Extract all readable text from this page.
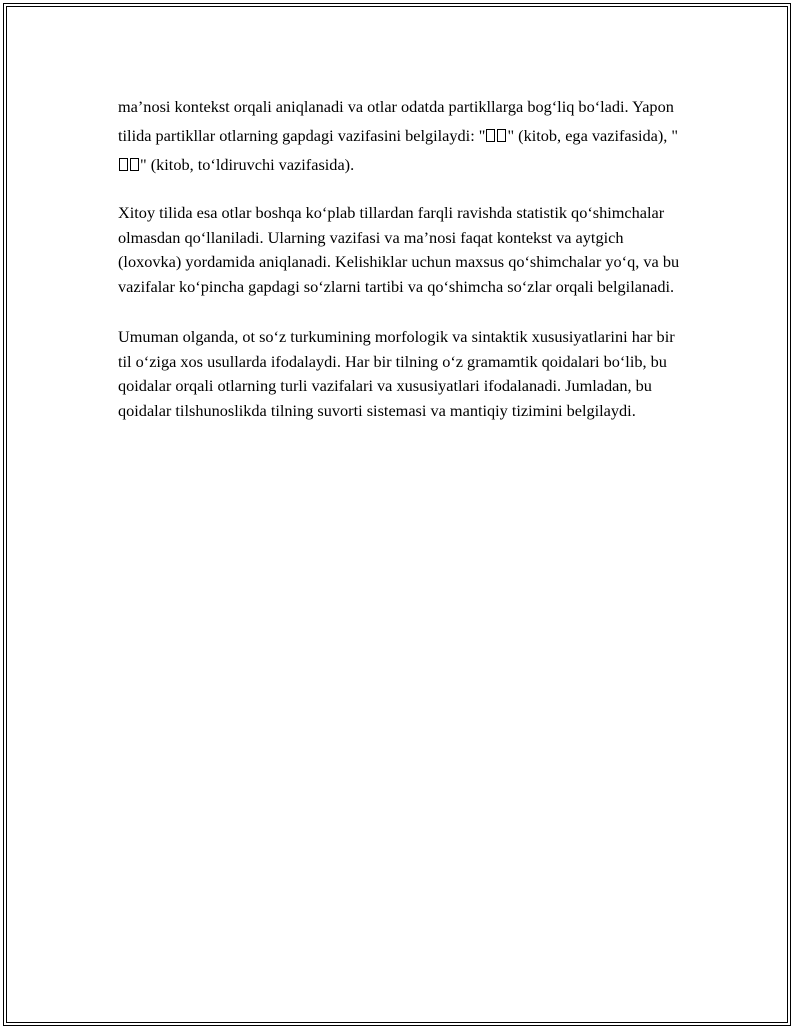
ma’nosi kontekst orqali aniqlanadi va otlar odatda partikllarga bog‘liq bo‘ladi. Yapon tilida partikllar otlarning gapdagi vazifasini belgilaydi: " " (kitob, ega vazifasida), "" (kitob, to‘ldiruvchi vazifasida).

Xitoy tilida esa otlar boshqa ko‘plab tillardan farqli ravishda statistik qo‘shimchalar olmasdan qo‘llaniladi. Ularning vazifasi va ma’nosi faqat kontekst va aytgich (loxovka) yordamida aniqlanadi. Kelishiklar uchun maxsus qo‘shimchalar yo‘q, va bu vazifalar ko‘pincha gapdagi so‘zlarni tartibi va qo‘shimcha so‘zlar orqali belgilanadi.

Umuman olganda, ot so‘z turkumining morfologik va sintaktik xususiyatlarini har bir til o‘ziga xos usullarda ifodalaydi. Har bir tilning o‘z gramamtik qoidalari bo‘lib, bu qoidalar orqali otlarning turli vazifalari va xususiyatlari ifodalanadi. Jumladan, bu qoidalar tilshunoslikda tilning suvorti sistemasi va mantiqiy tizimini belgilaydi.
